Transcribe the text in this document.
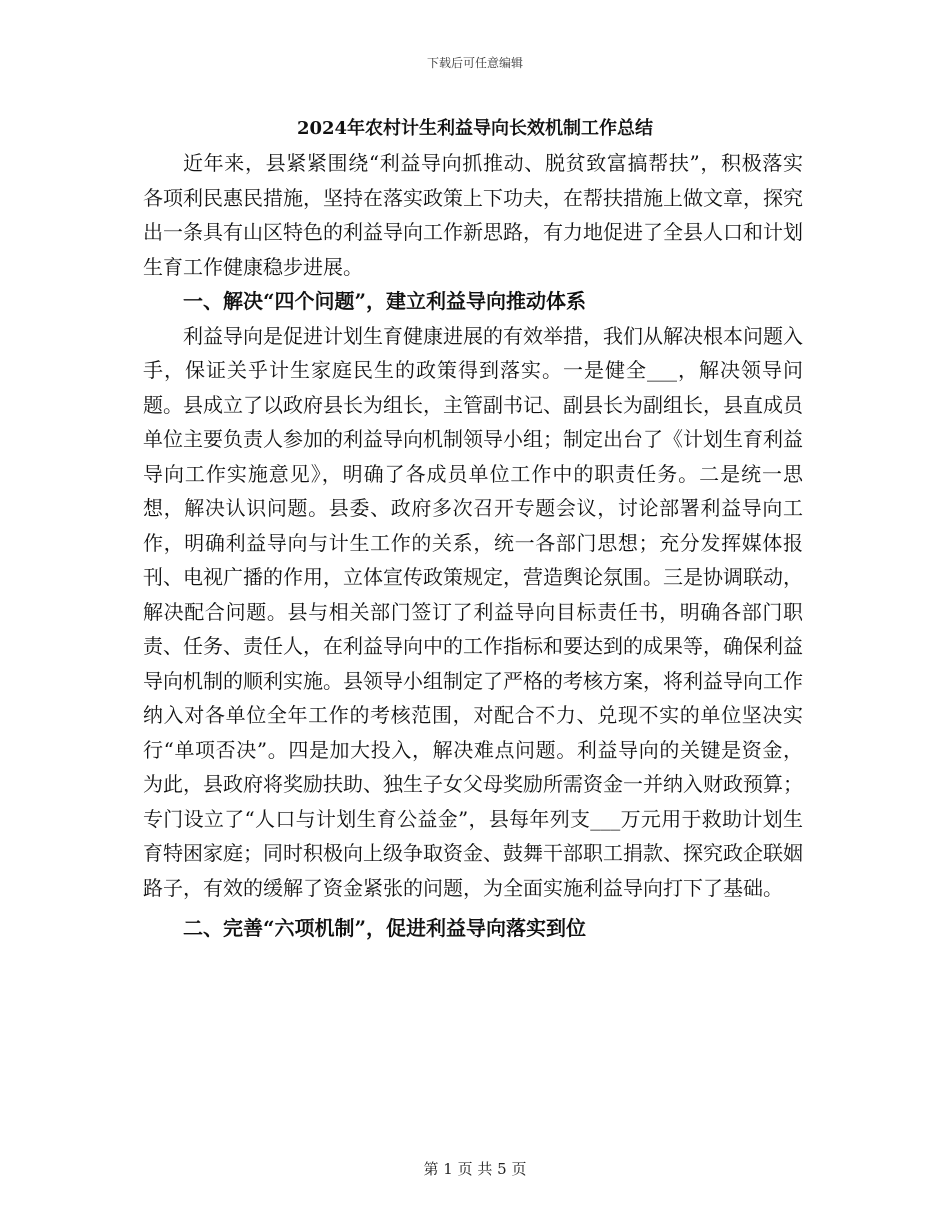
下载后可任意编辑
2024年农村计生利益导向长效机制工作总结

近年来，县紧紧围绕“利益导向抓推动、脱贫致富搞帮扶”，积极落实各项利民惠民措施，坚持在落实政策上下功夫，在帮扶措施上做文章，探究出一条具有山区特色的利益导向工作新思路，有力地促进了全县人口和计划生育工作健康稳步进展。

一、解决“四个问题”，建立利益导向推动体系

利益导向是促进计划生育健康进展的有效举措，我们从解决根本问题入手，保证关乎计生家庭民生的政策得到落实。一是健全___，解决领导问题。县成立了以政府县长为组长，主管副书记、副县长为副组长，县直成员单位主要负责人参加的利益导向机制领导小组；制定出台了《计划生育利益导向工作实施意见》，明确了各成员单位工作中的职责任务。二是统一思想，解决认识问题。县委、政府多次召开专题会议，讨论部署利益导向工作，明确利益导向与计生工作的关系，统一各部门思想；充分发挥媒体报刊、电视广播的作用，立体宣传政策规定，营造舆论氛围。三是协调联动，解决配合问题。县与相关部门签订了利益导向目标责任书，明确各部门职责、任务、责任人，在利益导向中的工作指标和要达到的成果等，确保利益导向机制的顺利实施。县领导小组制定了严格的考核方案，将利益导向工作纳入对各单位全年工作的考核范围，对配合不力、兑现不实的单位坚决实行“单项否决”。四是加大投入，解决难点问题。利益导向的关键是资金，为此，县政府将奖励扶助、独生子女父母奖励所需资金一并纳入财政预算；专门设立了“人口与计划生育公益金”，县每年列支___万元用于救助计划生育特困家庭；同时积极向上级争取资金、鼓舞干部职工捐款、探究政企联姻路子，有效的缓解了资金紧张的问题，为全面实施利益导向打下了基础。

二、完善“六项机制”，促进利益导向落实到位

第 1 页 共 5 页
